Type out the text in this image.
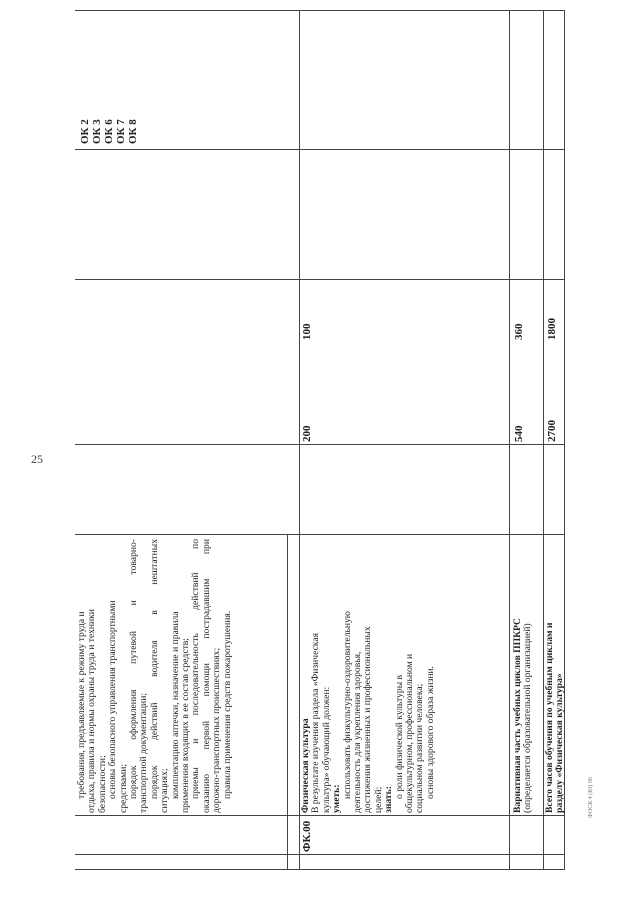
25
ФОСК 4 (Ю) 06

требования, предъявляемые к режиму труда и отдыха, правила и нормы охраны труда и техники безопасности; основы безопасного управления транспортными средствами; порядок оформления путевой и товарно- транспортной документации; порядок действий водителя в нештатных ситуациях; комплектацию аптечки, назначение и правила применения входящих в ее состав средств; приемы и последовательность действий по оказанию первой помощи пострадавшим при дорожно-транспортных происшествиях; правила применения средств пожаротушения.

ФК.00

Физическая культура В результате изучения раздела «Физическая культура» обучающий должен: уметь: использовать физкультурно-оздоровительную деятельность для укрепления здоровья, достижения жизненных и профессиональных целей; знать:

о роли физической культуры в общекультурном, профессиональном и социальном развитии человека; основы здорового образа жизни.

200
100
ОК 2 ОК 3 ОК 6 ОК 7 ОК 8

Вариативная часть учебных циклов ППКРС (определяется образовательной организацией)

540
360

Всего часов обучения по учебным циклам и разделу «Физическая культура»

2700
1800
